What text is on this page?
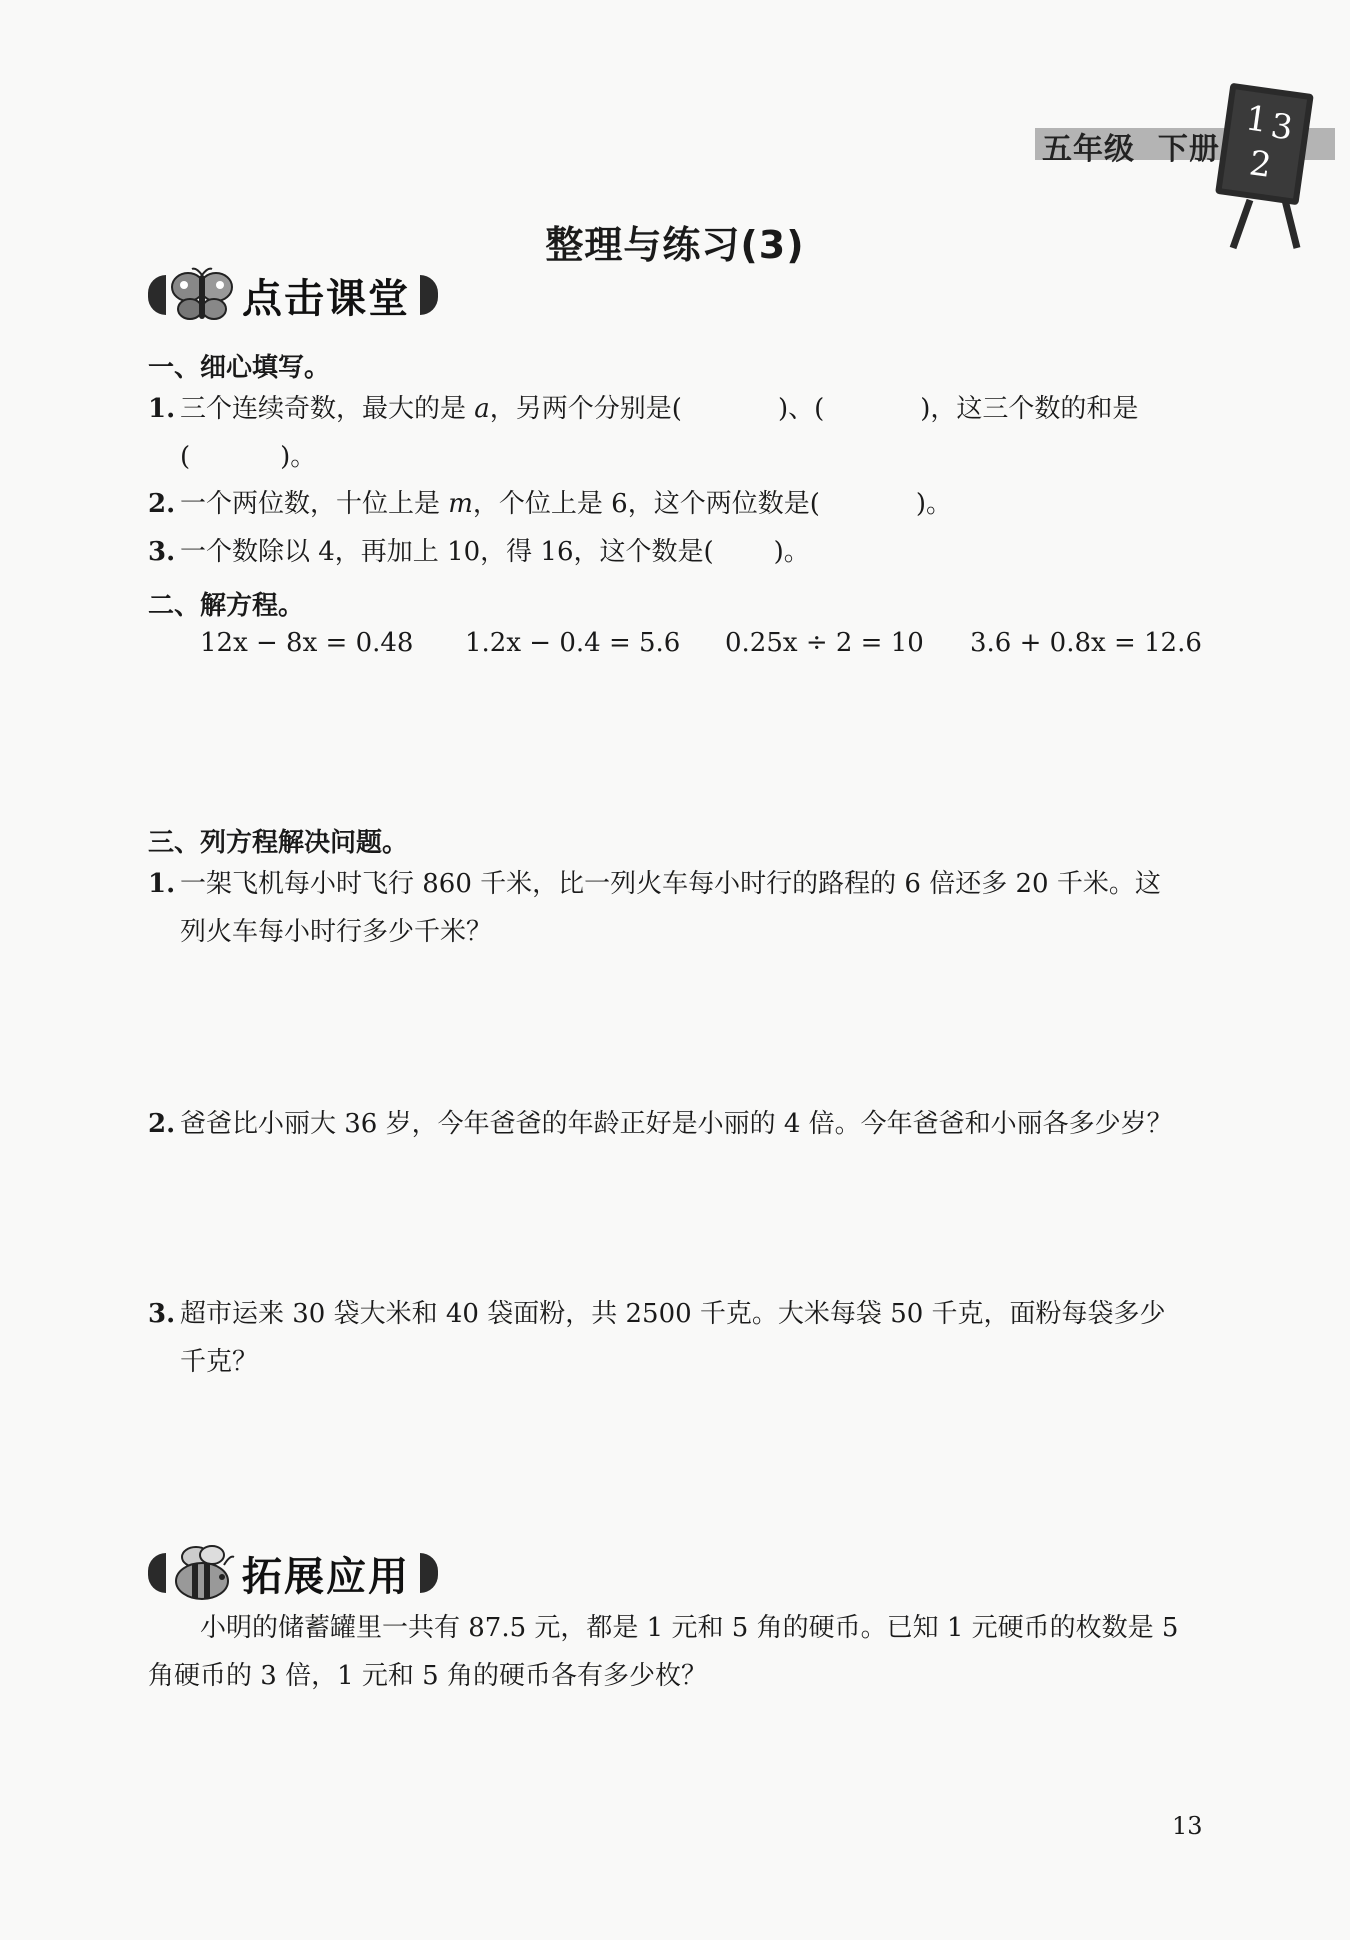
五年级  下册
1
3
2
整理与练习(3)
点击课堂
一、细心填写。
1. 三个连续奇数，最大的是 a，另两个分别是(	)、(	)，这三个数的和是
(	)。
2. 一个两位数，十位上是 m，个位上是 6，这个两位数是(	)。
3. 一个数除以 4，再加上 10，得 16，这个数是( )。
二、解方程。
12x − 8x = 0.48 1.2x − 0.4 = 5.6 0.25x ÷ 2 = 10 3.6 + 0.8x = 12.6
三、列方程解决问题。
1. 一架飞机每小时飞行 860 千米，比一列火车每小时行的路程的 6 倍还多 20 千米。这
列火车每小时行多少千米？
2. 爸爸比小丽大 36 岁，今年爸爸的年龄正好是小丽的 4 倍。今年爸爸和小丽各多少岁？
3. 超市运来 30 袋大米和 40 袋面粉，共 2500 千克。大米每袋 50 千克，面粉每袋多少
千克？
拓展应用
小明的储蓄罐里一共有 87.5 元，都是 1 元和 5 角的硬币。已知 1 元硬币的枚数是 5 角硬币的 3 倍，1 元和 5 角的硬币各有多少枚？
13
